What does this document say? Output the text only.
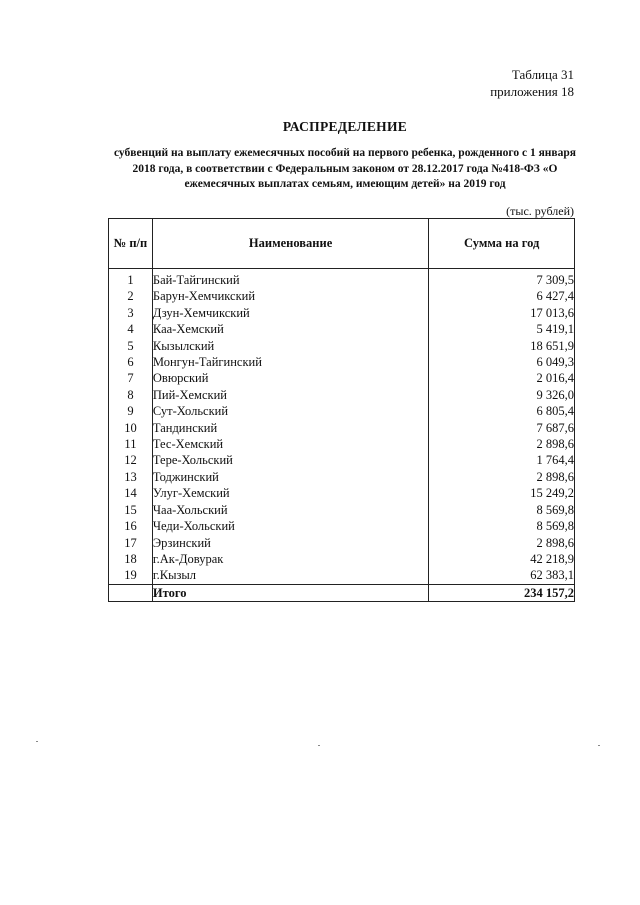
Таблица 31
приложения 18
РАСПРЕДЕЛЕНИЕ
субвенций на выплату ежемесячных пособий на первого ребенка, рожденного с 1 января 2018 года, в соответствии с Федеральным законом от 28.12.2017 года №418-ФЗ «О ежемесячных выплатах семьям, имеющим детей» на 2019 год
(тыс. рублей)
№ п/п	Наименование	Сумма на год
1	Бай-Тайгинский	7 309,5
2	Барун-Хемчикский	6 427,4
3	Дзун-Хемчикский	17 013,6
4	Каа-Хемский	5 419,1
5	Кызылский	18 651,9
6	Монгун-Тайгинский	6 049,3
7	Овюрский	2 016,4
8	Пий-Хемский	9 326,0
9	Сут-Хольский	6 805,4
10	Тандинский	7 687,6
11	Тес-Хемский	2 898,6
12	Тере-Хольский	1 764,4
13	Тоджинский	2 898,6
14	Улуг-Хемский	15 249,2
15	Чаа-Хольский	8 569,8
16	Чеди-Хольский	8 569,8
17	Эрзинский	2 898,6
18	г.Ак-Довурак	42 218,9
19	г.Кызыл	62 383,1
	Итого	234 157,2
